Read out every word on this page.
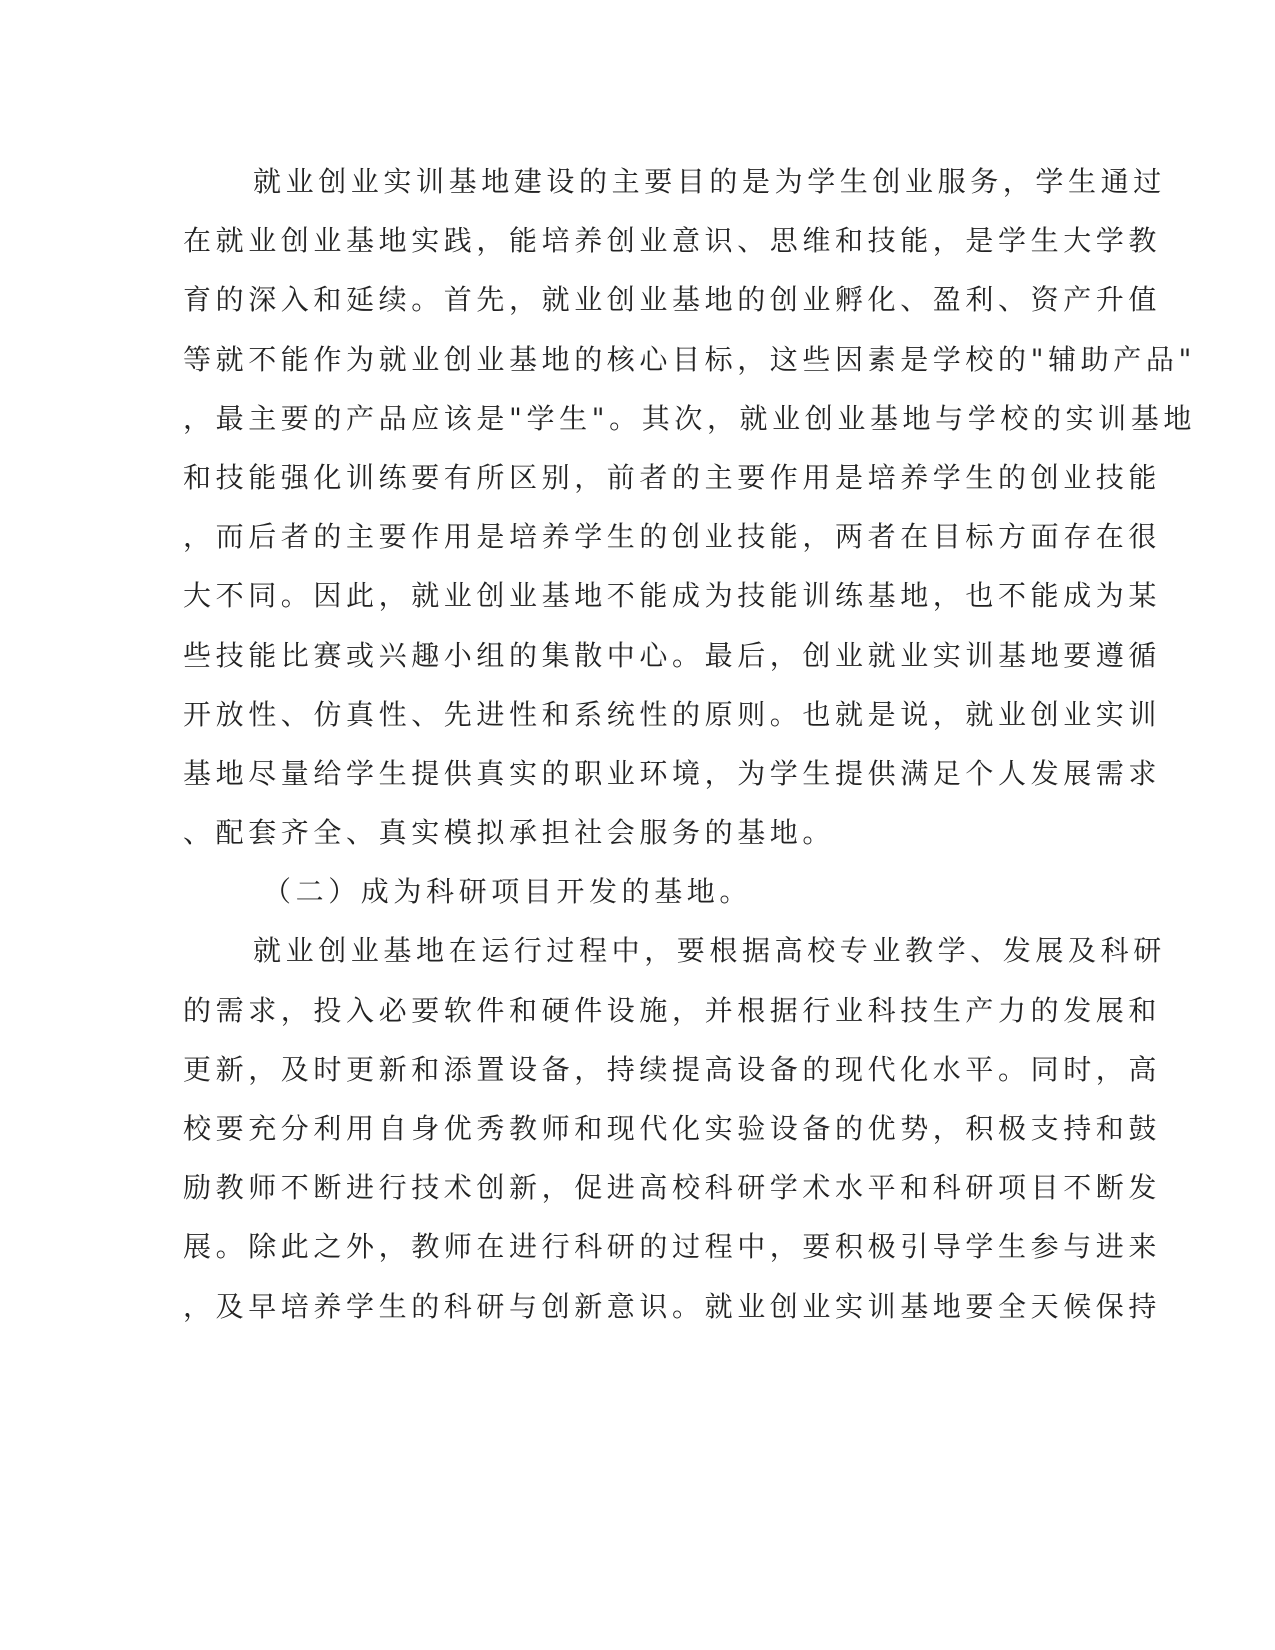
就业创业实训基地建设的主要目的是为学生创业服务，学生通过
在就业创业基地实践，能培养创业意识、思维和技能，是学生大学教
育的深入和延续。首先，就业创业基地的创业孵化、盈利、资产升值
等就不能作为就业创业基地的核心目标，这些因素是学校的"辅助产品"
，最主要的产品应该是"学生"。其次，就业创业基地与学校的实训基地
和技能强化训练要有所区别，前者的主要作用是培养学生的创业技能
，而后者的主要作用是培养学生的创业技能，两者在目标方面存在很
大不同。因此，就业创业基地不能成为技能训练基地，也不能成为某
些技能比赛或兴趣小组的集散中心。最后，创业就业实训基地要遵循
开放性、仿真性、先进性和系统性的原则。也就是说，就业创业实训
基地尽量给学生提供真实的职业环境，为学生提供满足个人发展需求
、配套齐全、真实模拟承担社会服务的基地。
（二）成为科研项目开发的基地。
就业创业基地在运行过程中，要根据高校专业教学、发展及科研
的需求，投入必要软件和硬件设施，并根据行业科技生产力的发展和
更新，及时更新和添置设备，持续提高设备的现代化水平。同时，高
校要充分利用自身优秀教师和现代化实验设备的优势，积极支持和鼓
励教师不断进行技术创新，促进高校科研学术水平和科研项目不断发
展。除此之外，教师在进行科研的过程中，要积极引导学生参与进来
，及早培养学生的科研与创新意识。就业创业实训基地要全天候保持
